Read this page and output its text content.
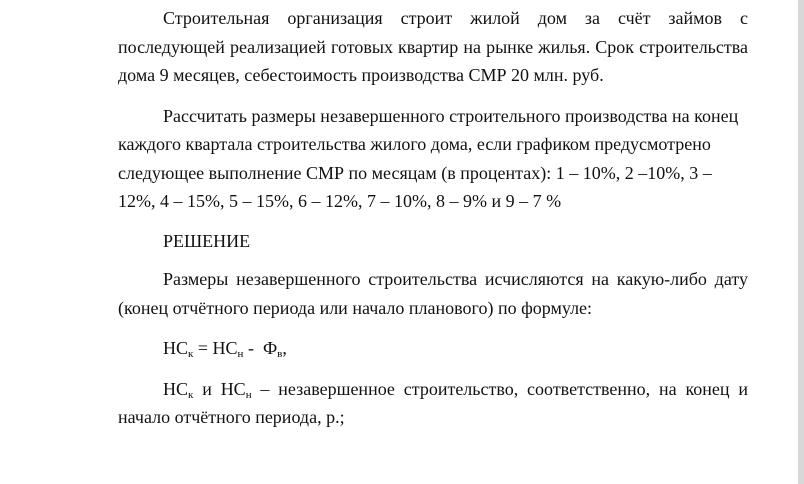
Строительная организация строит жилой дом за счёт займов с последующей реализацией готовых квартир на рынке жилья. Срок строительства дома 9 месяцев, себестоимость производства СМР 20 млн. руб.

Рассчитать размеры незавершенного строительного производства на конец каждого квартала строительства жилого дома, если графиком предусмотрено следующее выполнение СМР по месяцам (в процентах): 1 – 10%, 2 –10%, 3 – 12%, 4 – 15%, 5 – 15%, 6 – 12%, 7 – 10%, 8 – 9% и 9 – 7 %

РЕШЕНИЕ

Размеры незавершенного строительства исчисляются на какую-либо дату (конец отчётного периода или начало планового) по формуле:

$НС_к = НС_н - Ф_в$,

$НС_к$ и $НС_н$ – незавершенное строительство, соответственно, на конец и начало отчётного периода, р.;
